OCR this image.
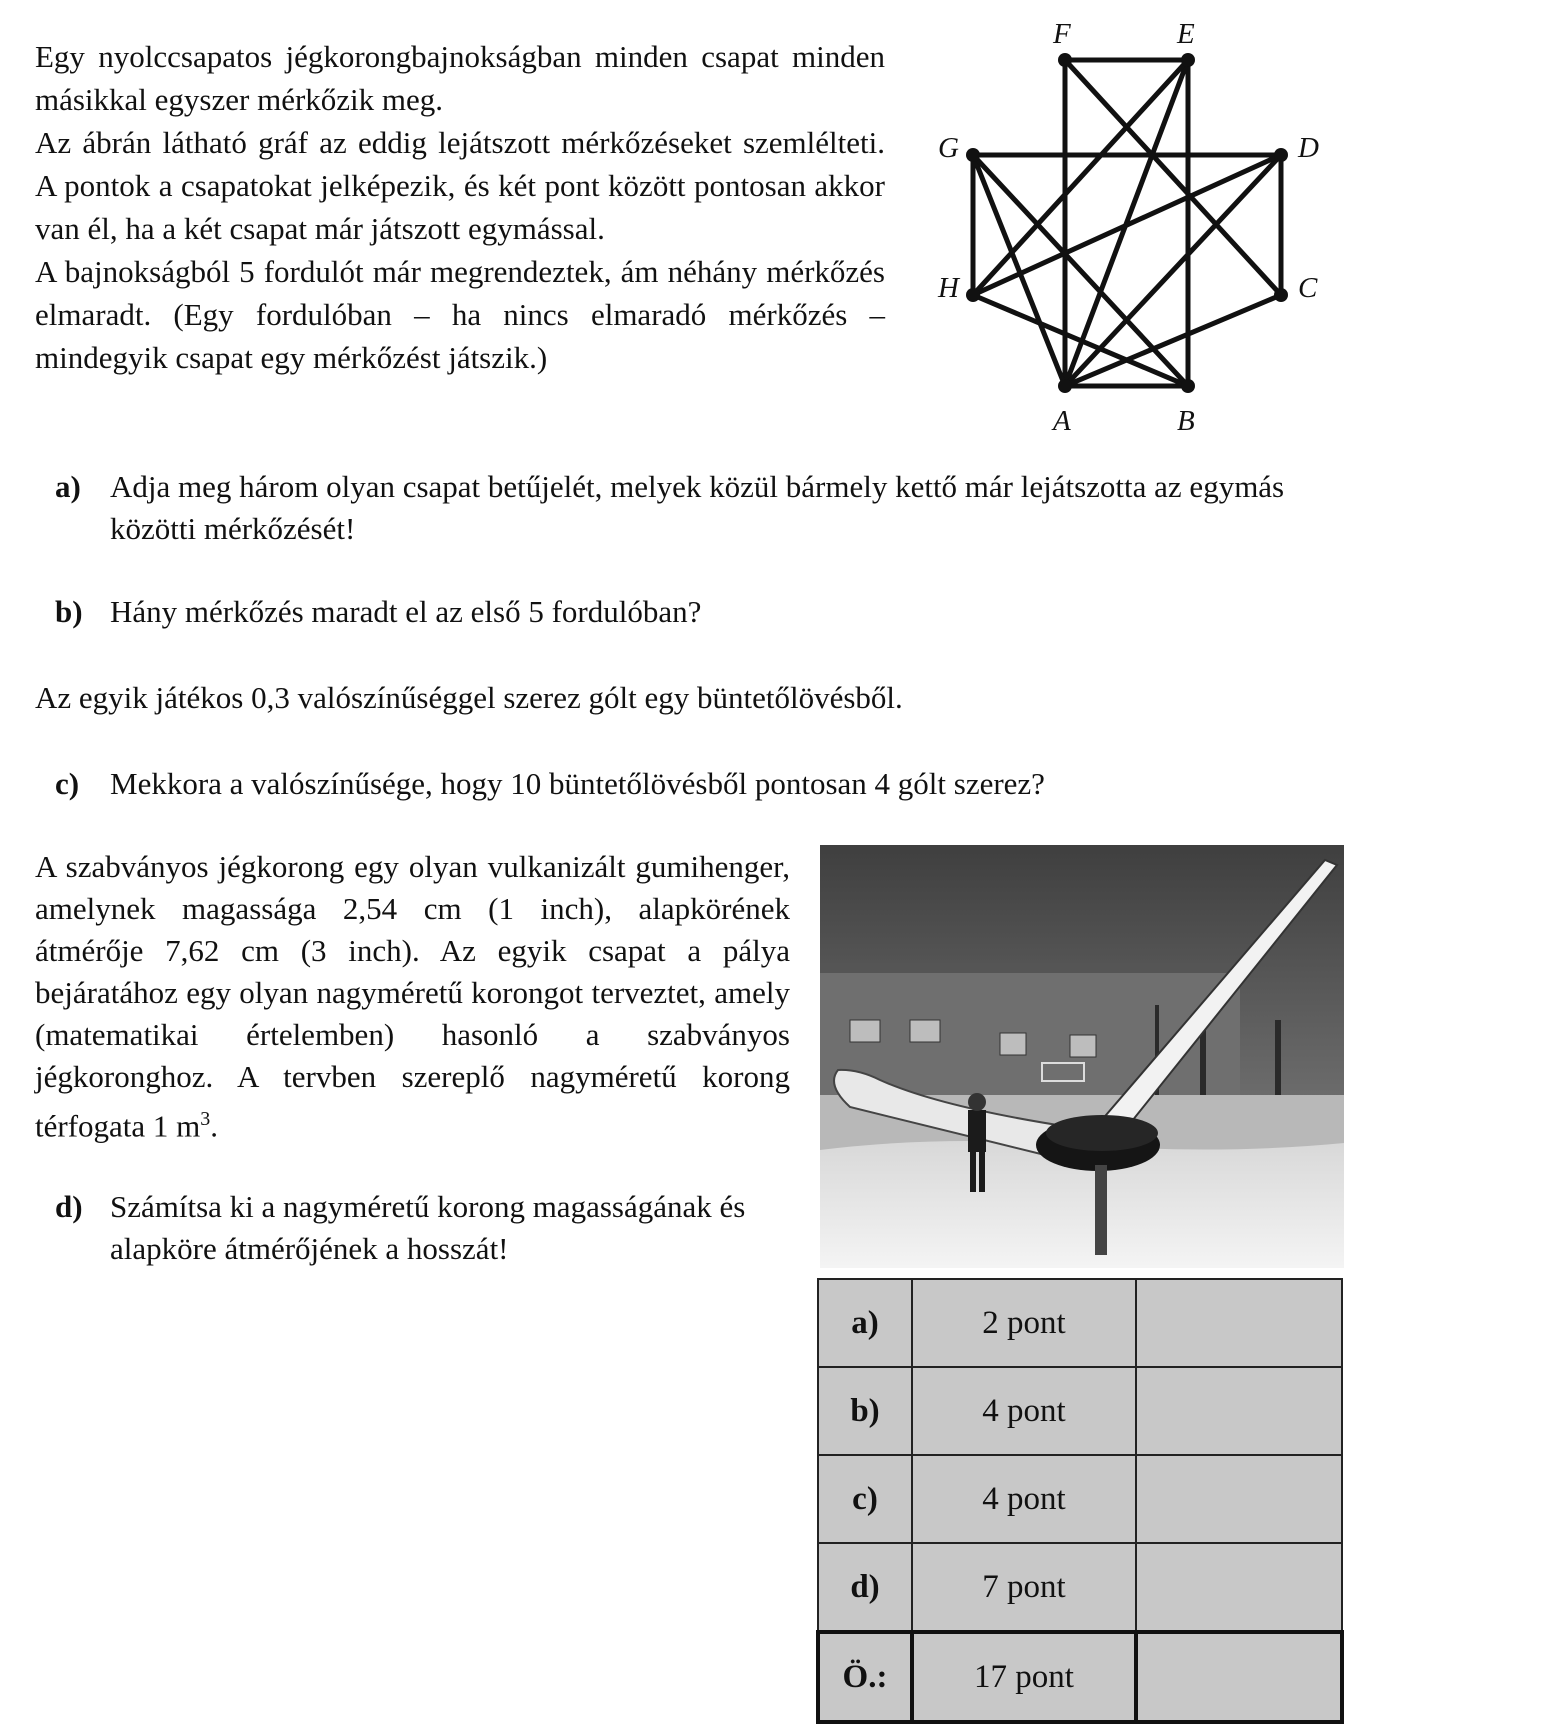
Egy nyolccsapatos jégkorongbajnokságban minden csapat minden másikkal egyszer mérkőzik meg.

Az ábrán látható gráf az eddig lejátszott mérkőzéseket szemlélteti. A pontok a csapatokat jelképezik, és két pont között pontosan akkor van él, ha a két csapat már játszott egymással.

A bajnokságból 5 fordulót már megrendeztek, ám néhány mérkőzés elmaradt. (Egy fordulóban – ha nincs elmaradó mérkőzés – mindegyik csapat egy mérkőzést játszik.)

A	B
C
D
E
F
G
H
a) Adja meg három olyan csapat betűjelét, melyek közül bármely kettő már lejátszotta az egymás közötti mérkőzését!
b) Hány mérkőzés maradt el az első 5 fordulóban?
Az egyik játékos 0,3 valószínűséggel szerez gólt egy büntetőlövésből.
c) Mekkora a valószínűsége, hogy 10 büntetőlövésből pontosan 4 gólt szerez?

A szabványos jégkorong egy olyan vulkanizált gumihenger, amelynek magassága 2,54 cm (1 inch), alapkörének átmérője 7,62 cm (3 inch). Az egyik csapat a pálya bejáratához egy olyan nagyméretű korongot terveztet, amely (matematikai értelemben) hasonló a szabványos jégkoronghoz. A tervben szereplő nagyméretű korong térfogata 1 $m^3$.

d) Számítsa ki a nagyméretű korong magasságának és alapköre átmérőjének a hosszát!
a)	2 pont	
b)	4 pont	
c)	4 pont	
d)	7 pont	
Ö.:	17 pont	
